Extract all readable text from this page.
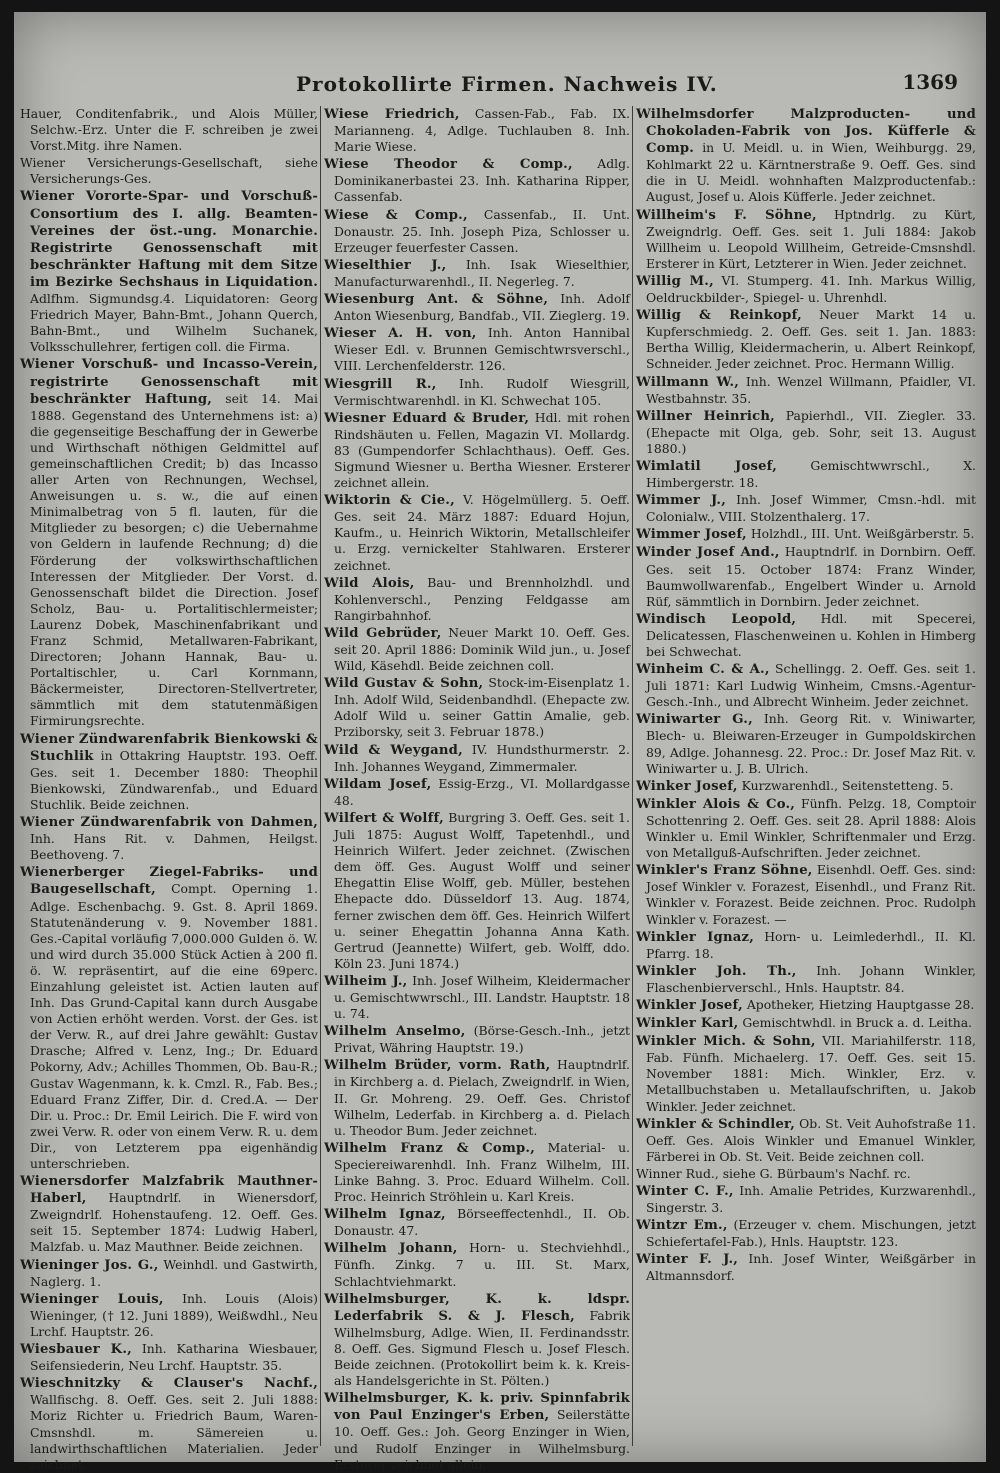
Protokollirte Firmen. Nachweis IV.	1369

Hauer, Conditenfabrik., und Alois Müller, Selchw.-Erz. Unter die F. schreiben je zwei Vorst.Mitg. ihre Namen.

Wiener Versicherungs-Gesellschaft, siehe Versicherungs-Ges.

Wiener Vororte-Spar- und Vorschuß-Consortium des I. allg. Beamten-Vereines der öst.-ung. Monarchie. Registrirte Genossenschaft mit beschränkter Haftung mit dem Sitze im Bezirke Sechshaus in Liquidation. Adlfhm. Sigmundsg.4. Liquidatoren: Georg Friedrich Mayer, Bahn-Bmt., Johann Querch, Bahn-Bmt., und Wilhelm Suchanek, Volksschullehrer, fertigen coll. die Firma.

Wiener Vorschuß- und Incasso-Verein, registrirte Genossenschaft mit beschränkter Haftung, seit 14. Mai 1888. Gegenstand des Unternehmens ist: a) die gegenseitige Beschaffung der in Gewerbe und Wirthschaft nöthigen Geldmittel auf gemeinschaftlichen Credit; b) das Incasso aller Arten von Rechnungen, Wechsel, Anweisungen u. s. w., die auf einen Minimalbetrag von 5 fl. lauten, für die Mitglieder zu besorgen; c) die Uebernahme von Geldern in laufende Rechnung; d) die Förderung der volkswirthschaftlichen Interessen der Mitglieder. Der Vorst. d. Genossenschaft bildet die Direction. Josef Scholz, Bau- u. Portalitischlermeister; Laurenz Dobek, Maschinenfabrikant und Franz Schmid, Metallwaren-Fabrikant, Directoren; Johann Hannak, Bau- u. Portaltischler, u. Carl Kornmann, Bäckermeister, Directoren-Stellvertreter, sämmtlich mit dem statutenmäßigen Firmirungsrechte.

Wiener Zündwarenfabrik Bienkowski & Stuchlik in Ottakring Hauptstr. 193. Oeff. Ges. seit 1. December 1880: Theophil Bienkowski, Zündwarenfab., und Eduard Stuchlik. Beide zeichnen.

Wiener Zündwarenfabrik von Dahmen, Inh. Hans Rit. v. Dahmen, Heilgst. Beethoveng. 7.

Wienerberger Ziegel-Fabriks- und Baugesellschaft, Compt. Operning 1. Adlge. Eschenbachg. 9. Gst. 8. April 1869. Statutenänderung v. 9. November 1881. Ges.-Capital vorläufig 7,000.000 Gulden ö. W. und wird durch 35.000 Stück Actien à 200 fl. ö. W. repräsentirt, auf die eine 69perc. Einzahlung geleistet ist. Actien lauten auf Inh. Das Grund-Capital kann durch Ausgabe von Actien erhöht werden. Vorst. der Ges. ist der Verw. R., auf drei Jahre gewählt: Gustav Drasche; Alfred v. Lenz, Ing.; Dr. Eduard Pokorny, Adv.; Achilles Thommen, Ob. Bau-R.; Gustav Wagenmann, k. k. Cmzl. R., Fab. Bes.; Eduard Franz Ziffer, Dir. d. Cred.A. — Der Dir. u. Proc.: Dr. Emil Leirich. Die F. wird von zwei Verw. R. oder von einem Verw. R. u. dem Dir., von Letzterem ppa eigenhändig unterschrieben.

Wienersdorfer Malzfabrik Mauthner-Haberl, Hauptndrlf. in Wienersdorf, Zweigndrlf. Hohenstaufeng. 12. Oeff. Ges. seit 15. September 1874: Ludwig Haberl, Malzfab. u. Maz Mauthner. Beide zeichnen.

Wieninger Jos. G., Weinhdl. und Gastwirth, Naglerg. 1.

Wieninger Louis, Inh. Louis (Alois) Wieninger, († 12. Juni 1889), Weißwdhl., Neu Lrchf. Hauptstr. 26.

Wiesbauer K., Inh. Katharina Wiesbauer, Seifensiederin, Neu Lrchf. Hauptstr. 35.

Wieschnitzky & Clauser's Nachf., Wallfischg. 8. Oeff. Ges. seit 2. Juli 1888: Moriz Richter u. Friedrich Baum, Waren-Cmsnshdl. m. Sämereien u. landwirthschaftlichen Materialien. Jeder zeichnet.

Wiese Friedrich, Cassen-Fab., Fab. IX. Marianneng. 4, Adlge. Tuchlauben 8. Inh. Marie Wiese.

Wiese Theodor & Comp., Adlg. Dominikanerbastei 23. Inh. Katharina Ripper, Cassenfab.

Wiese & Comp., Cassenfab., II. Unt. Donaustr. 25. Inh. Joseph Piza, Schlosser u. Erzeuger feuerfester Cassen.

Wieselthier J., Inh. Isak Wieselthier, Manufacturwarenhdl., II. Negerleg. 7.

Wiesenburg Ant. & Söhne, Inh. Adolf Anton Wiesenburg, Bandfab., VII. Zieglerg. 19.

Wieser A. H. von, Inh. Anton Hannibal Wieser Edl. v. Brunnen Gemischtwrsverschl., VIII. Lerchenfelderstr. 126.

Wiesgrill R., Inh. Rudolf Wiesgrill, Vermischtwarenhdl. in Kl. Schwechat 105.

Wiesner Eduard & Bruder, Hdl. mit rohen Rindshäuten u. Fellen, Magazin VI. Mollardg. 83 (Gumpendorfer Schlachthaus). Oeff. Ges. Sigmund Wiesner u. Bertha Wiesner. Ersterer zeichnet allein.

Wiktorin & Cie., V. Högelmüllerg. 5. Oeff. Ges. seit 24. März 1887: Eduard Hojun, Kaufm., u. Heinrich Wiktorin, Metallschleifer u. Erzg. vernickelter Stahlwaren. Ersterer zeichnet.

Wild Alois, Bau- und Brennholzhdl. und Kohlenverschl., Penzing Feldgasse am Rangirbahnhof.

Wild Gebrüder, Neuer Markt 10. Oeff. Ges. seit 20. April 1886: Dominik Wild jun., u. Josef Wild, Käsehdl. Beide zeichnen coll.

Wild Gustav & Sohn, Stock-im-Eisenplatz 1. Inh. Adolf Wild, Seidenbandhdl. (Ehepacte zw. Adolf Wild u. seiner Gattin Amalie, geb. Prziborsky, seit 3. Februar 1878.)

Wild & Weygand, IV. Hundsthurmerstr. 2. Inh. Johannes Weygand, Zimmermaler.

Wildam Josef, Essig-Erzg., VI. Mollardgasse 48.

Wilfert & Wolff, Burgring 3. Oeff. Ges. seit 1. Juli 1875: August Wolff, Tapetenhdl., und Heinrich Wilfert. Jeder zeichnet. (Zwischen dem öff. Ges. August Wolff und seiner Ehegattin Elise Wolff, geb. Müller, bestehen Ehepacte ddo. Düsseldorf 13. Aug. 1874, ferner zwischen dem öff. Ges. Heinrich Wilfert u. seiner Ehegattin Johanna Anna Kath. Gertrud (Jeannette) Wilfert, geb. Wolff, ddo. Köln 23. Juni 1874.)

Wilheim J., Inh. Josef Wilheim, Kleidermacher u. Gemischtwwrschl., III. Landstr. Hauptstr. 18 u. 74.

Wilhelm Anselmo, (Börse-Gesch.-Inh., jetzt Privat, Währing Hauptstr. 19.)

Wilhelm Brüder, vorm. Rath, Hauptndrlf. in Kirchberg a. d. Pielach, Zweigndrlf. in Wien, II. Gr. Mohreng. 29. Oeff. Ges. Christof Wilhelm, Lederfab. in Kirchberg a. d. Pielach u. Theodor Bum. Jeder zeichnet.

Wilhelm Franz & Comp., Material- u. Speciereiwarenhdl. Inh. Franz Wilhelm, III. Linke Bahng. 3. Proc. Eduard Wilhelm. Coll. Proc. Heinrich Ströhlein u. Karl Kreis.

Wilhelm Ignaz, Börseeffectenhdl., II. Ob. Donaustr. 47.

Wilhelm Johann, Horn- u. Stechviehhdl., Fünfh. Zinkg. 7 u. III. St. Marx, Schlachtviehmarkt.

Wilhelmsburger, K. k. ldspr. Lederfabrik S. & J. Flesch, Fabrik Wilhelmsburg, Adlge. Wien, II. Ferdinandsstr. 8. Oeff. Ges. Sigmund Flesch u. Josef Flesch. Beide zeichnen. (Protokollirt beim k. k. Kreis- als Handelsgerichte in St. Pölten.)

Wilhelmsburger, K. k. priv. Spinnfabrik von Paul Enzinger's Erben, Seilerstätte 10. Oeff. Ges.: Joh. Georg Enzinger in Wien, und Rudolf Enzinger in Wilhelmsburg. Ersterer zeichnet allein.

Wilhelmsdorfer Malzproducten- und Chokoladen-Fabrik von Jos. Küfferle & Comp. in U. Meidl. u. in Wien, Weihburgg. 29, Kohlmarkt 22 u. Kärntnerstraße 9. Oeff. Ges. sind die in U. Meidl. wohnhaften Malzproductenfab.: August, Josef u. Alois Küfferle. Jeder zeichnet.

Willheim's F. Söhne, Hptndrlg. zu Kürt, Zweigndrlg. Oeff. Ges. seit 1. Juli 1884: Jakob Willheim u. Leopold Willheim, Getreide-Cmsnshdl. Ersterer in Kürt, Letzterer in Wien. Jeder zeichnet.

Willig M., VI. Stumperg. 41. Inh. Markus Willig, Oeldruckbilder-, Spiegel- u. Uhrenhdl.

Willig & Reinkopf, Neuer Markt 14 u. Kupferschmiedg. 2. Oeff. Ges. seit 1. Jan. 1883: Bertha Willig, Kleidermacherin, u. Albert Reinkopf, Schneider. Jeder zeichnet. Proc. Hermann Willig.

Willmann W., Inh. Wenzel Willmann, Pfaidler, VI. Westbahnstr. 35.

Willner Heinrich, Papierhdl., VII. Ziegler. 33. (Ehepacte mit Olga, geb. Sohr, seit 13. August 1880.)

Wimlatil Josef,	Gemischtwwrschl., X. Himbergerstr. 18.

Wimmer J., Inh. Josef Wimmer, Cmsn.-hdl. mit Colonialw., VIII. Stolzenthalerg. 17.

Wimmer Josef, Holzhdl., III. Unt. Weißgärberstr. 5.

Winder Josef And., Hauptndrlf. in Dornbirn. Oeff. Ges. seit 15. October 1874: Franz Winder, Baumwollwarenfab., Engelbert Winder u. Arnold Rüf, sämmtlich in Dornbirn. Jeder zeichnet.

Windisch Leopold, Hdl. mit Specerei, Delicatessen, Flaschenweinen u. Kohlen in Himberg bei Schwechat.

Winheim C. & A., Schellingg. 2. Oeff. Ges. seit 1. Juli 1871: Karl Ludwig Winheim, Cmsns.-Agentur-Gesch.-Inh., und Albrecht Winheim. Jeder zeichnet.

Winiwarter G., Inh. Georg Rit. v. Winiwarter, Blech- u. Bleiwaren-Erzeuger in Gumpoldskirchen 89, Adlge. Johannesg. 22. Proc.: Dr. Josef Maz Rit. v. Winiwarter u. J. B. Ulrich.

Winker Josef, Kurzwarenhdl., Seitenstetteng. 5.

Winkler Alois & Co., Fünfh. Pelzg. 18, Comptoir Schottenring 2. Oeff. Ges. seit 28. April 1888: Alois Winkler u. Emil Winkler, Schriftenmaler und Erzg. von Metallguß-Aufschriften. Jeder zeichnet.

Winkler's Franz Söhne, Eisenhdl. Oeff. Ges. sind: Josef Winkler v. Forazest, Eisenhdl., und Franz Rit. Winkler v. Forazest. Beide zeichnen. Proc. Rudolph Winkler v. Forazest. —

Winkler Ignaz, Horn- u. Leimlederhdl., II. Kl. Pfarrg. 18.

Winkler Joh. Th., Inh. Johann Winkler, Flaschenbierverschl., Hnls. Hauptstr. 84.

Winkler Josef, Apotheker, Hietzing Hauptgasse 28.

Winkler Karl, Gemischtwhdl. in Bruck a. d. Leitha.

Winkler Mich. & Sohn, VII. Mariahilferstr. 118, Fab. Fünfh. Michaelerg. 17. Oeff. Ges. seit 15. November 1881: Mich. Winkler, Erz. v. Metallbuchstaben u. Metallaufschriften, u. Jakob Winkler. Jeder zeichnet.

Winkler & Schindler, Ob. St. Veit Auhofstraße 11. Oeff. Ges. Alois Winkler und Emanuel Winkler, Färberei in Ob. St. Veit. Beide zeichnen coll.

Winner Rud., siehe G. Bürbaum's Nachf. rc.

Winter C. F., Inh. Amalie Petrides, Kurzwarenhdl., Singerstr. 3.

Wintzr Em., (Erzeuger v. chem. Mischungen, jetzt Schiefertafel-Fab.), Hnls. Hauptstr. 123.

Winter F. J., Inh. Josef Winter, Weißgärber in Altmannsdorf.
